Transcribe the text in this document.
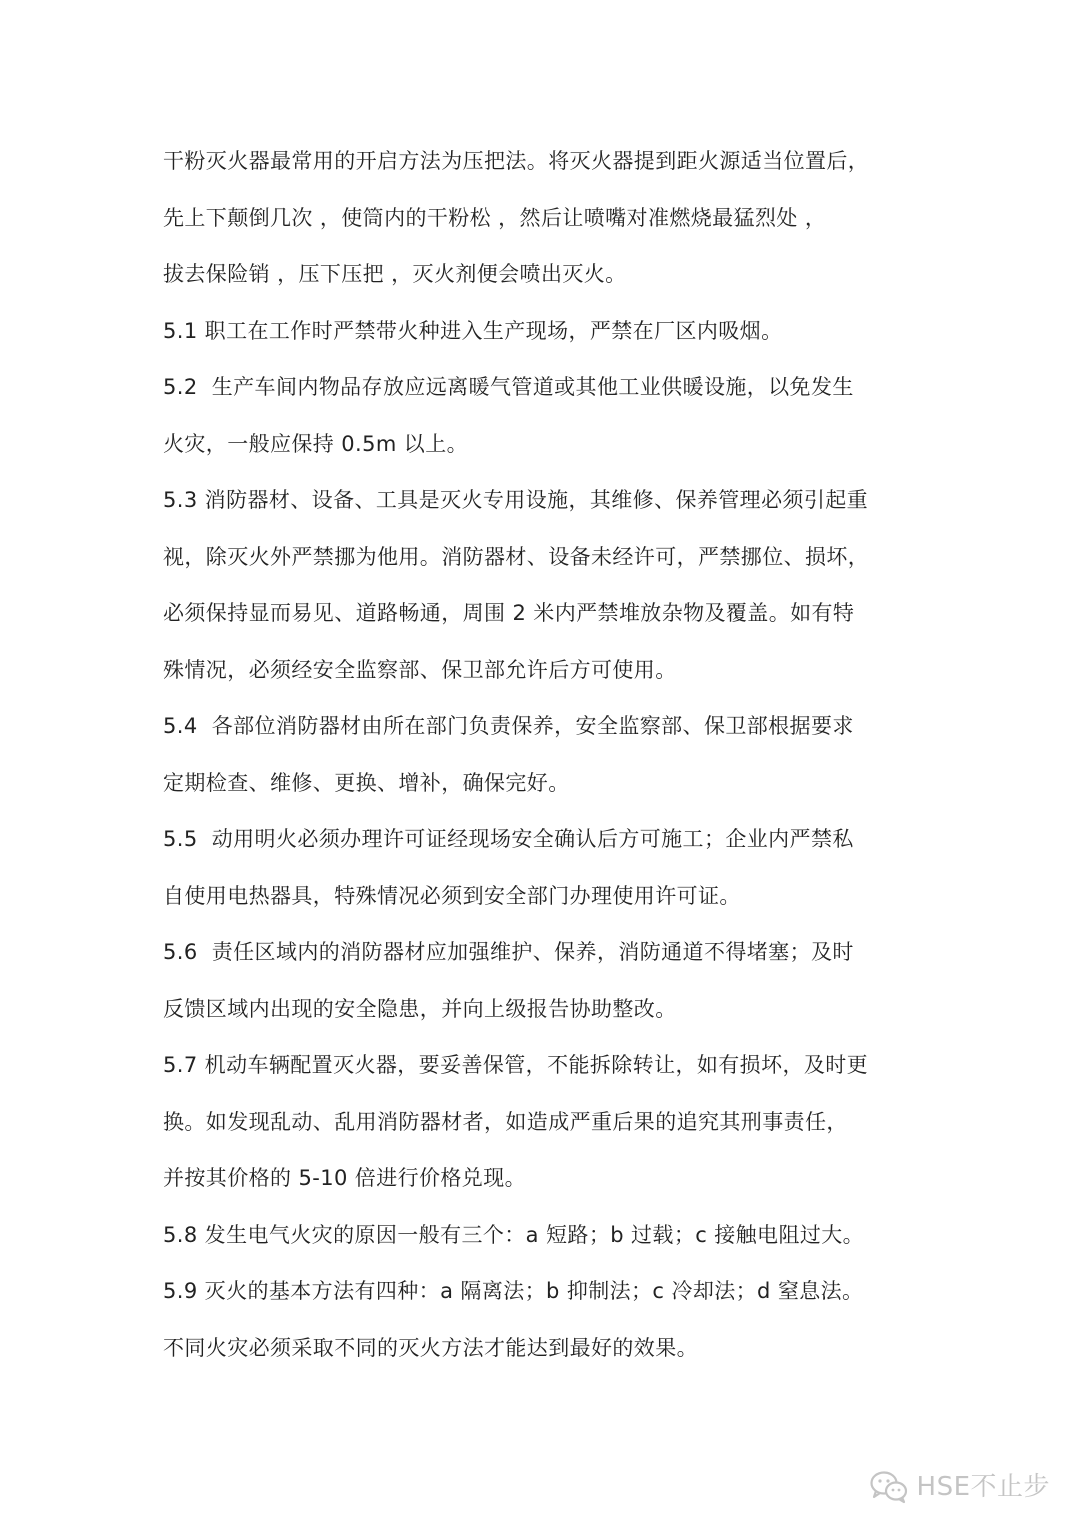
干粉灭火器最常用的开启方法为压把法。将灭火器提到距火源适当位置后，
先上下颠倒几次 ，使筒内的干粉松 ，然后让喷嘴对准燃烧最猛烈处 ，
拔去保险销 ，压下压把 ，灭火剂便会喷出灭火。
5.1 职工在工作时严禁带火种进入生产现场，严禁在厂区内吸烟。
5.2  生产车间内物品存放应远离暖气管道或其他工业供暖设施，以免发生
火灾，一般应保持 0.5m 以上。
5.3 消防器材、设备、工具是灭火专用设施，其维修、保养管理必须引起重
视，除灭火外严禁挪为他用。消防器材、设备未经许可，严禁挪位、损坏，
必须保持显而易见、道路畅通，周围 2 米内严禁堆放杂物及覆盖。如有特
殊情况，必须经安全监察部、保卫部允许后方可使用。
5.4  各部位消防器材由所在部门负责保养，安全监察部、保卫部根据要求
定期检查、维修、更换、增补，确保完好。
5.5  动用明火必须办理许可证经现场安全确认后方可施工；企业内严禁私
自使用电热器具，特殊情况必须到安全部门办理使用许可证。
5.6  责任区域内的消防器材应加强维护、保养，消防通道不得堵塞；及时
反馈区域内出现的安全隐患，并向上级报告协助整改。
5.7 机动车辆配置灭火器，要妥善保管，不能拆除转让，如有损坏，及时更
换。如发现乱动、乱用消防器材者，如造成严重后果的追究其刑事责任，
并按其价格的 5-10 倍进行价格兑现。
5.8 发生电气火灾的原因一般有三个：a 短路；b 过载；c 接触电阻过大。
5.9 灭火的基本方法有四种：a 隔离法；b 抑制法；c 冷却法；d 窒息法。
不同火灾必须采取不同的灭火方法才能达到最好的效果。
HSE不止步
